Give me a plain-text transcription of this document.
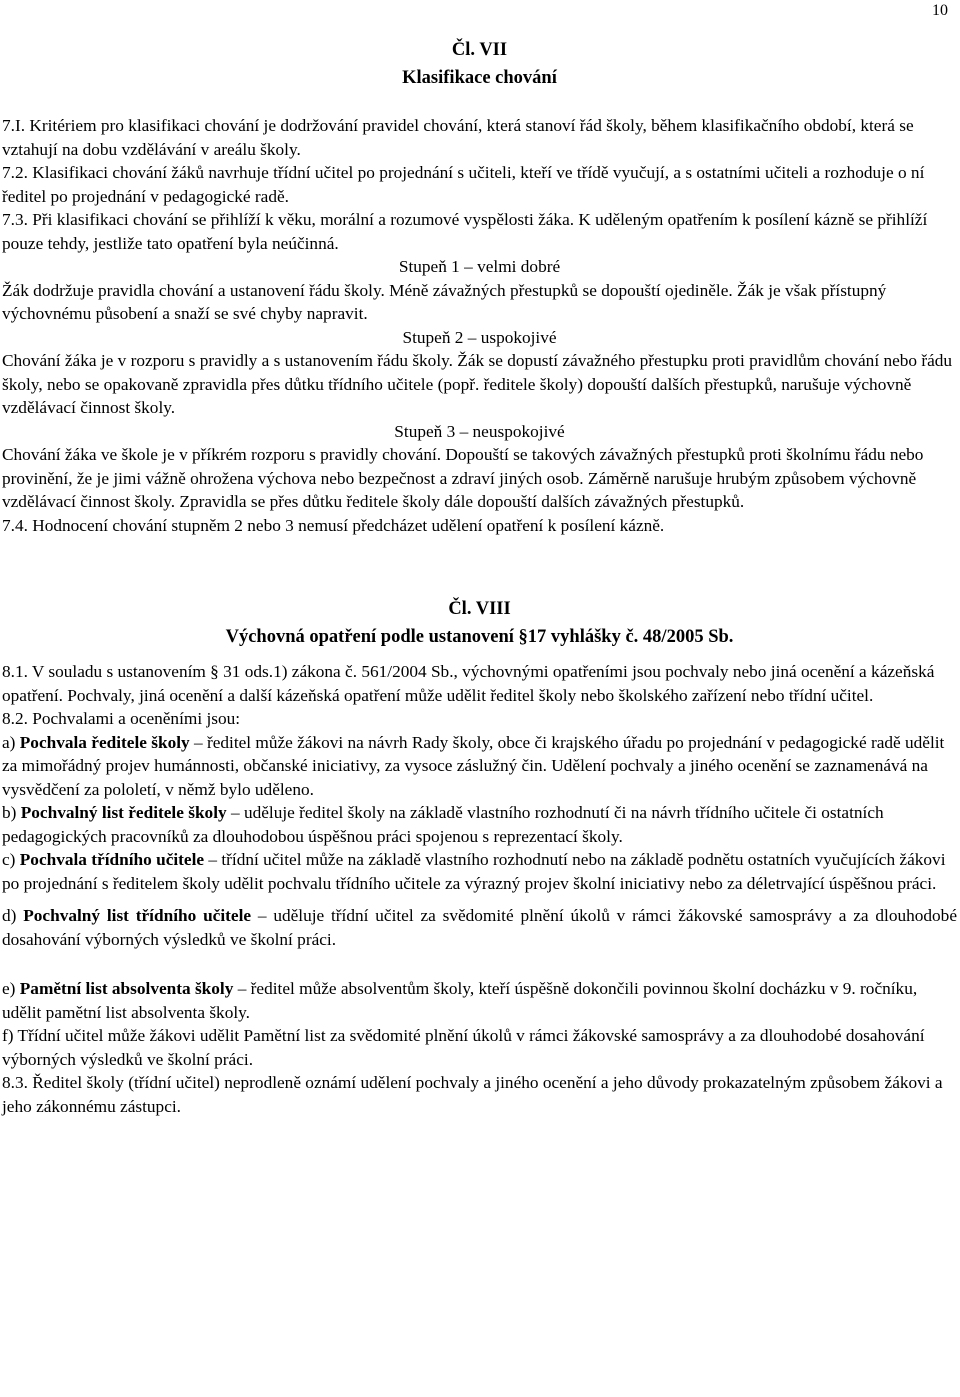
10
Čl. VII
Klasifikace chování

7.I. Kritériem pro klasifikaci chování je dodržování pravidel chování, která stanoví řád školy, během klasifikačního období, která se vztahují na dobu vzdělávání v areálu školy.

7.2. Klasifikaci chování žáků navrhuje třídní učitel po projednání s učiteli, kteří ve třídě vyučují, a s ostatními učiteli a rozhoduje o ní ředitel po projednání v pedagogické radě.

7.3. Při klasifikaci chování se přihlíží k věku, morální a rozumové vyspělosti žáka. K uděleným opatřením k posílení kázně se přihlíží pouze tehdy, jestliže tato opatření byla neúčinná.

Stupeň 1 – velmi dobré

Žák dodržuje pravidla chování a ustanovení řádu školy. Méně závažných přestupků se dopouští ojediněle. Žák je však přístupný výchovnému působení a snaží se své chyby napravit.

Stupeň 2 – uspokojivé

Chování žáka je v rozporu s pravidly a s ustanovením řádu školy. Žák se dopustí závažného přestupku proti pravidlům chování nebo řádu školy, nebo se opakovaně zpravidla přes důtku třídního učitele (popř. ředitele školy) dopouští dalších přestupků, narušuje výchovně vzdělávací činnost školy.

Stupeň 3 – neuspokojivé

Chování žáka ve škole je v příkrém rozporu s pravidly chování. Dopouští se takových závažných přestupků proti školnímu řádu nebo provinění, že je jimi vážně ohrožena výchova nebo bezpečnost a zdraví jiných osob. Záměrně narušuje hrubým způsobem výchovně vzdělávací činnost školy. Zpravidla se přes důtku ředitele školy dále dopouští dalších závažných přestupků.

7.4. Hodnocení chování stupněm 2 nebo 3 nemusí předcházet udělení opatření k posílení kázně.

Čl. VIII
Výchovná opatření podle ustanovení §17 vyhlášky č. 48/2005 Sb.

8.1. V souladu s ustanovením § 31 ods.1) zákona č. 561/2004 Sb., výchovnými opatřeními jsou pochvaly nebo jiná ocenění a kázeňská opatření. Pochvaly, jiná ocenění a další kázeňská opatření může udělit ředitel školy nebo školského zařízení nebo třídní učitel.

8.2. Pochvalami a oceněními jsou:

a) Pochvala ředitele školy – ředitel může žákovi na návrh Rady školy, obce či krajského úřadu po projednání v pedagogické radě udělit za mimořádný projev humánnosti, občanské iniciativy, za vysoce záslužný čin. Udělení pochvaly a jiného ocenění se zaznamenává na vysvědčení za pololetí, v němž bylo uděleno.

b) Pochvalný list ředitele školy – uděluje ředitel školy na základě vlastního rozhodnutí či na návrh třídního učitele či ostatních pedagogických pracovníků za dlouhodobou úspěšnou práci spojenou s reprezentací školy.

c) Pochvala třídního učitele – třídní učitel může na základě vlastního rozhodnutí nebo na základě podnětu ostatních vyučujících žákovi po projednání s ředitelem školy udělit pochvalu třídního učitele za výrazný projev školní iniciativy nebo za déletrvající úspěšnou práci.

d) Pochvalný list třídního učitele – uděluje třídní učitel za svědomité plnění úkolů v rámci žákovské samosprávy a za dlouhodobé dosahování výborných výsledků ve školní práci.

e) Pamětní list absolventa školy – ředitel může absolventům školy, kteří úspěšně dokončili povinnou školní docházku v 9. ročníku, udělit pamětní list absolventa školy.

f) Třídní učitel může žákovi udělit Pamětní list za svědomité plnění úkolů v rámci žákovské samosprávy a za dlouhodobé dosahování výborných výsledků ve školní práci.

8.3. Ředitel školy (třídní učitel) neprodleně oznámí udělení pochvaly a jiného ocenění a jeho důvody prokazatelným způsobem žákovi a jeho zákonnému zástupci.
